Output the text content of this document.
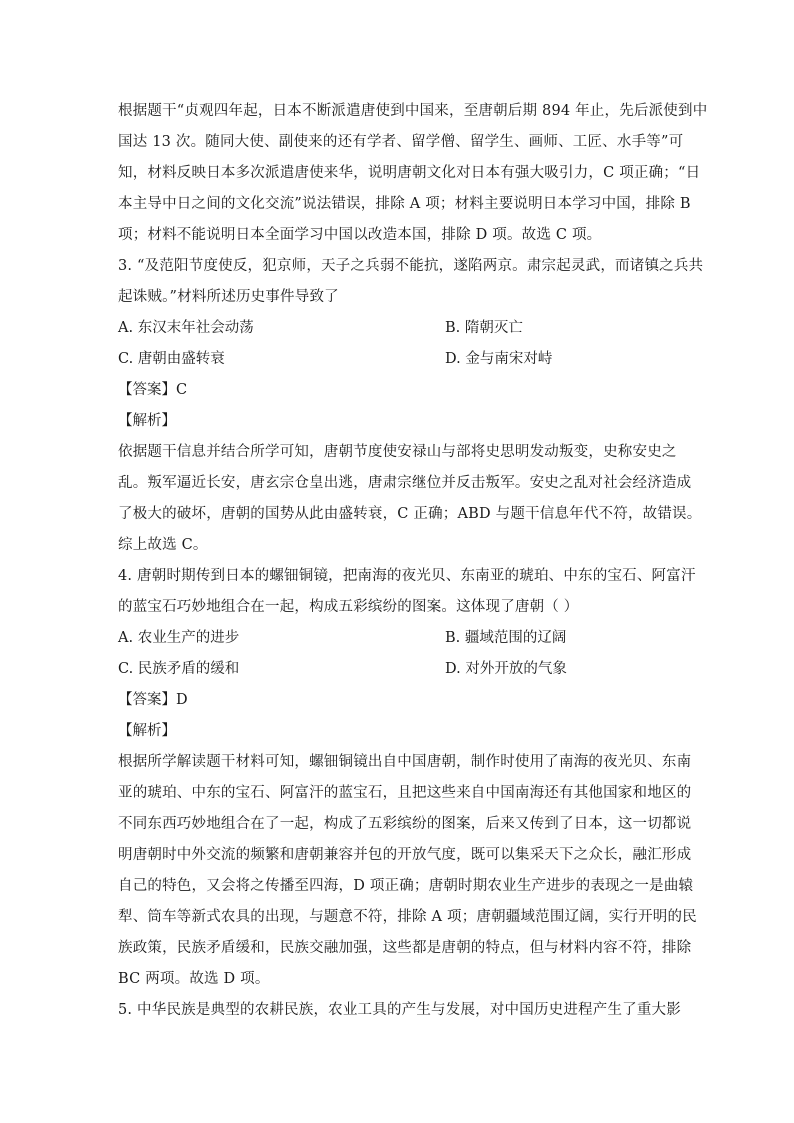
根据题干“贞观四年起，日本不断派遣唐使到中国来，至唐朝后期 894 年止，先后派使到中
国达 13 次。随同大使、副使来的还有学者、留学僧、留学生、画师、工匠、水手等”可
知，材料反映日本多次派遣唐使来华，说明唐朝文化对日本有强大吸引力，C 项正确；“日
本主导中日之间的文化交流”说法错误，排除 A 项；材料主要说明日本学习中国，排除 B
项；材料不能说明日本全面学习中国以改造本国，排除 D 项。故选 C 项。
3. “及范阳节度使反，犯京师，天子之兵弱不能抗，遂陷两京。肃宗起灵武，而诸镇之兵共
起诛贼。”材料所述历史事件导致了
A. 东汉末年社会动荡	B. 隋朝灭亡
C. 唐朝由盛转衰	D. 金与南宋对峙
【答案】C
【解析】
依据题干信息并结合所学可知，唐朝节度使安禄山与部将史思明发动叛变，史称安史之
乱。叛军逼近长安，唐玄宗仓皇出逃，唐肃宗继位并反击叛军。安史之乱对社会经济造成
了极大的破坏，唐朝的国势从此由盛转衰，C 正确；ABD 与题干信息年代不符，故错误。
综上故选 C。
4. 唐朝时期传到日本的螺钿铜镜，把南海的夜光贝、东南亚的琥珀、中东的宝石、阿富汗
的蓝宝石巧妙地组合在一起，构成五彩缤纷的图案。这体现了唐朝（ ）
A. 农业生产的进步	B. 疆域范围的辽阔
C. 民族矛盾的缓和	D. 对外开放的气象
【答案】D
【解析】
根据所学解读题干材料可知，螺钿铜镜出自中国唐朝，制作时使用了南海的夜光贝、东南
亚的琥珀、中东的宝石、阿富汗的蓝宝石，且把这些来自中国南海还有其他国家和地区的
不同东西巧妙地组合在了一起，构成了五彩缤纷的图案，后来又传到了日本，这一切都说
明唐朝时中外交流的频繁和唐朝兼容并包的开放气度，既可以集采天下之众长，融汇形成
自己的特色，又会将之传播至四海，D 项正确；唐朝时期农业生产进步的表现之一是曲辕
犁、筒车等新式农具的出现，与题意不符，排除 A 项；唐朝疆域范围辽阔，实行开明的民
族政策，民族矛盾缓和，民族交融加强，这些都是唐朝的特点，但与材料内容不符，排除
BC 两项。故选 D 项。
5. 中华民族是典型的农耕民族，农业工具的产生与发展，对中国历史进程产生了重大影
